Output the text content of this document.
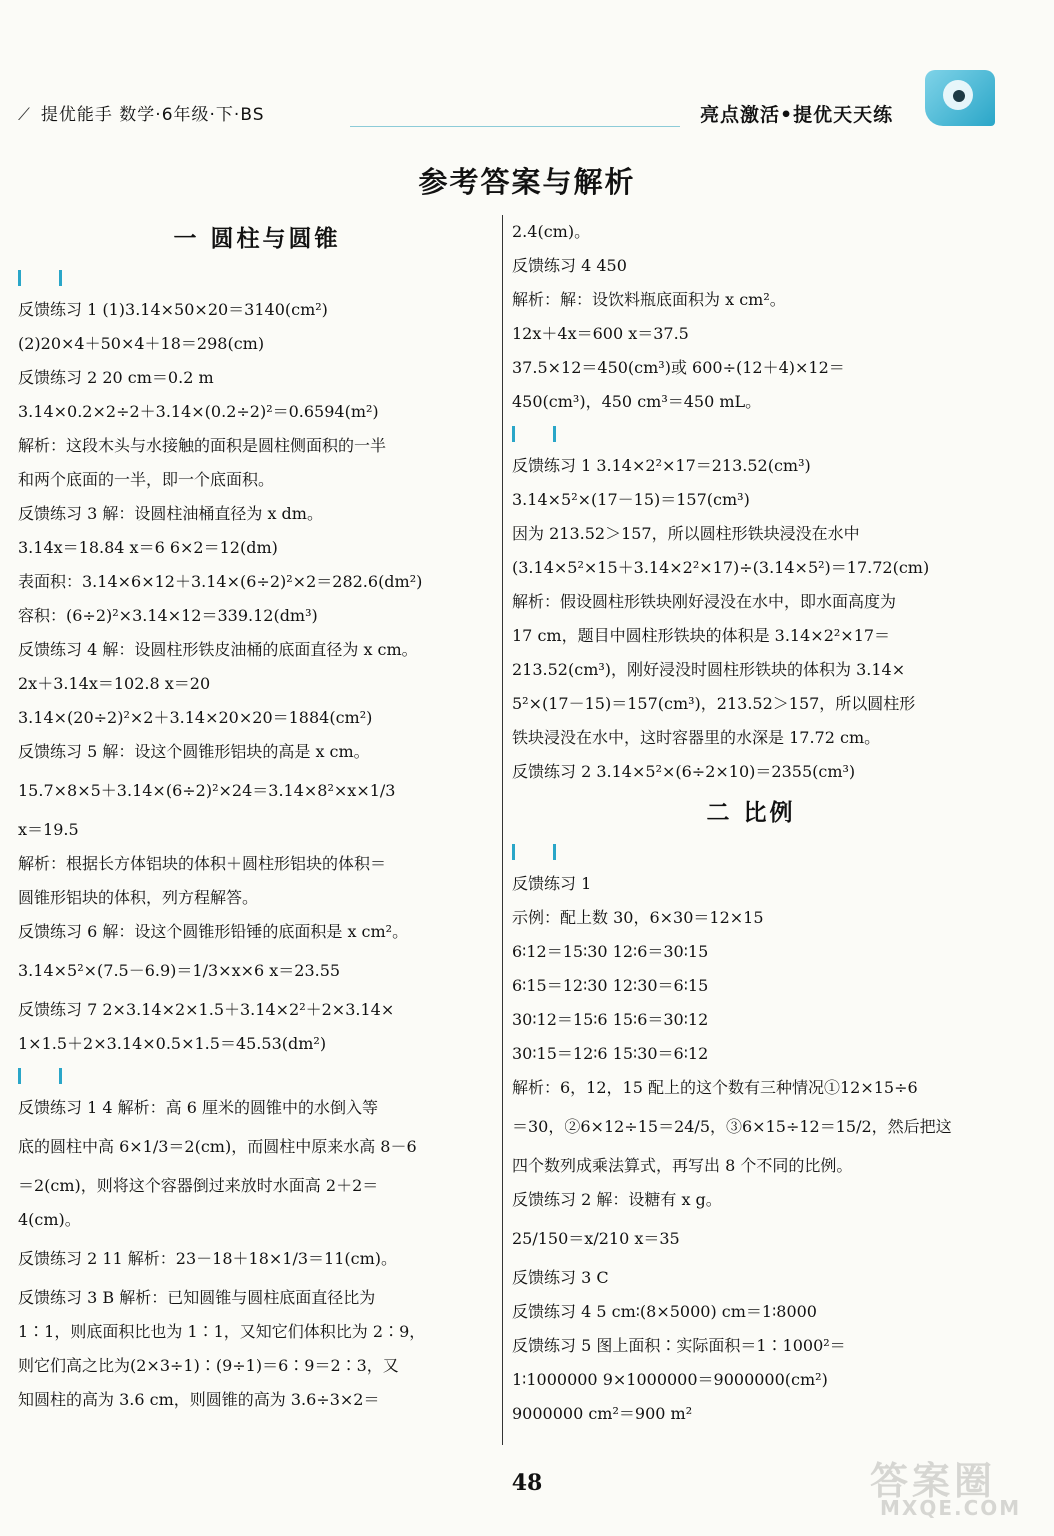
⟋ 提优能手 数学·6年级·下·BS	亮点激活•提优天天练
参考答案与解析
一 圆柱与圆锥

反馈练习 1 (1)3.14×50×20＝3140(cm²)
(2)20×4＋50×4＋18＝298(cm)
反馈练习 2 20 cm＝0.2 m
3.14×0.2×2÷2＋3.14×(0.2÷2)²＝0.6594(m²)
解析：这段木头与水接触的面积是圆柱侧面积的一半
和两个底面的一半，即一个底面积。
反馈练习 3 解：设圆柱油桶直径为 x dm。
3.14x＝18.84 x＝6 6×2＝12(dm)
表面积：3.14×6×12＋3.14×(6÷2)²×2＝282.6(dm²)
容积：(6÷2)²×3.14×12＝339.12(dm³)
反馈练习 4 解：设圆柱形铁皮油桶的底面直径为 x cm。
2x＋3.14x＝102.8 x＝20
3.14×(20÷2)²×2＋3.14×20×20＝1884(cm²)
反馈练习 5 解：设这个圆锥形铝块的高是 x cm。
15.7×8×5＋3.14×(6÷2)²×24＝3.14×8²×x×1/3
x＝19.5
解析：根据长方体铝块的体积＋圆柱形铝块的体积＝
圆锥形铝块的体积，列方程解答。
反馈练习 6 解：设这个圆锥形铅锤的底面积是 x cm²。
3.14×5²×(7.5－6.9)＝1/3×x×6 x＝23.55
反馈练习 7 2×3.14×2×1.5＋3.14×2²＋2×3.14×
1×1.5＋2×3.14×0.5×1.5＝45.53(dm²)

反馈练习 1 4 解析：高 6 厘米的圆锥中的水倒入等
底的圆柱中高 6×1/3＝2(cm)，而圆柱中原来水高 8－6
＝2(cm)，则将这个容器倒过来放时水面高 2＋2＝
4(cm)。
反馈练习 2 11 解析：23－18＋18×1/3＝11(cm)。
反馈练习 3 B 解析：已知圆锥与圆柱底面直径比为
1∶1，则底面积比也为 1∶1，又知它们体积比为 2∶9，
则它们高之比为(2×3÷1)∶(9÷1)＝6∶9＝2∶3，又
知圆柱的高为 3.6 cm，则圆锥的高为 3.6÷3×2＝
2.4(cm)。
反馈练习 4 450
解析：解：设饮料瓶底面积为 x cm²。
12x＋4x＝600 x＝37.5
37.5×12＝450(cm³)或 600÷(12＋4)×12＝
450(cm³)，450 cm³＝450 mL。

反馈练习 1 3.14×2²×17＝213.52(cm³)
3.14×5²×(17－15)＝157(cm³)
因为 213.52＞157，所以圆柱形铁块浸没在水中
(3.14×5²×15＋3.14×2²×17)÷(3.14×5²)＝17.72(cm)
解析：假设圆柱形铁块刚好浸没在水中，即水面高度为
17 cm，题目中圆柱形铁块的体积是 3.14×2²×17＝
213.52(cm³)，刚好浸没时圆柱形铁块的体积为 3.14×
5²×(17－15)＝157(cm³)，213.52＞157，所以圆柱形
铁块浸没在水中，这时容器里的水深是 17.72 cm。
反馈练习 2 3.14×5²×(6÷2×10)＝2355(cm³)
二 比例

反馈练习 1
示例：配上数 30，6×30＝12×15
6∶12＝15∶30 12∶6＝30∶15
6∶15＝12∶30 12∶30＝6∶15
30∶12＝15∶6 15∶6＝30∶12
30∶15＝12∶6 15∶30＝6∶12
解析：6，12，15 配上的这个数有三种情况①12×15÷6
＝30，②6×12÷15＝24/5，③6×15÷12＝15/2，然后把这
四个数列成乘法算式，再写出 8 个不同的比例。
反馈练习 2 解：设糖有 x g。
25/150＝x/210 x＝35
反馈练习 3 C
反馈练习 4 5 cm∶(8×5000) cm＝1∶8000
反馈练习 5 图上面积∶实际面积＝1∶1000²＝
1∶1000000 9×1000000＝9000000(cm²)
9000000 cm²＝900 m²
48	答案圈
MXQE.COM
